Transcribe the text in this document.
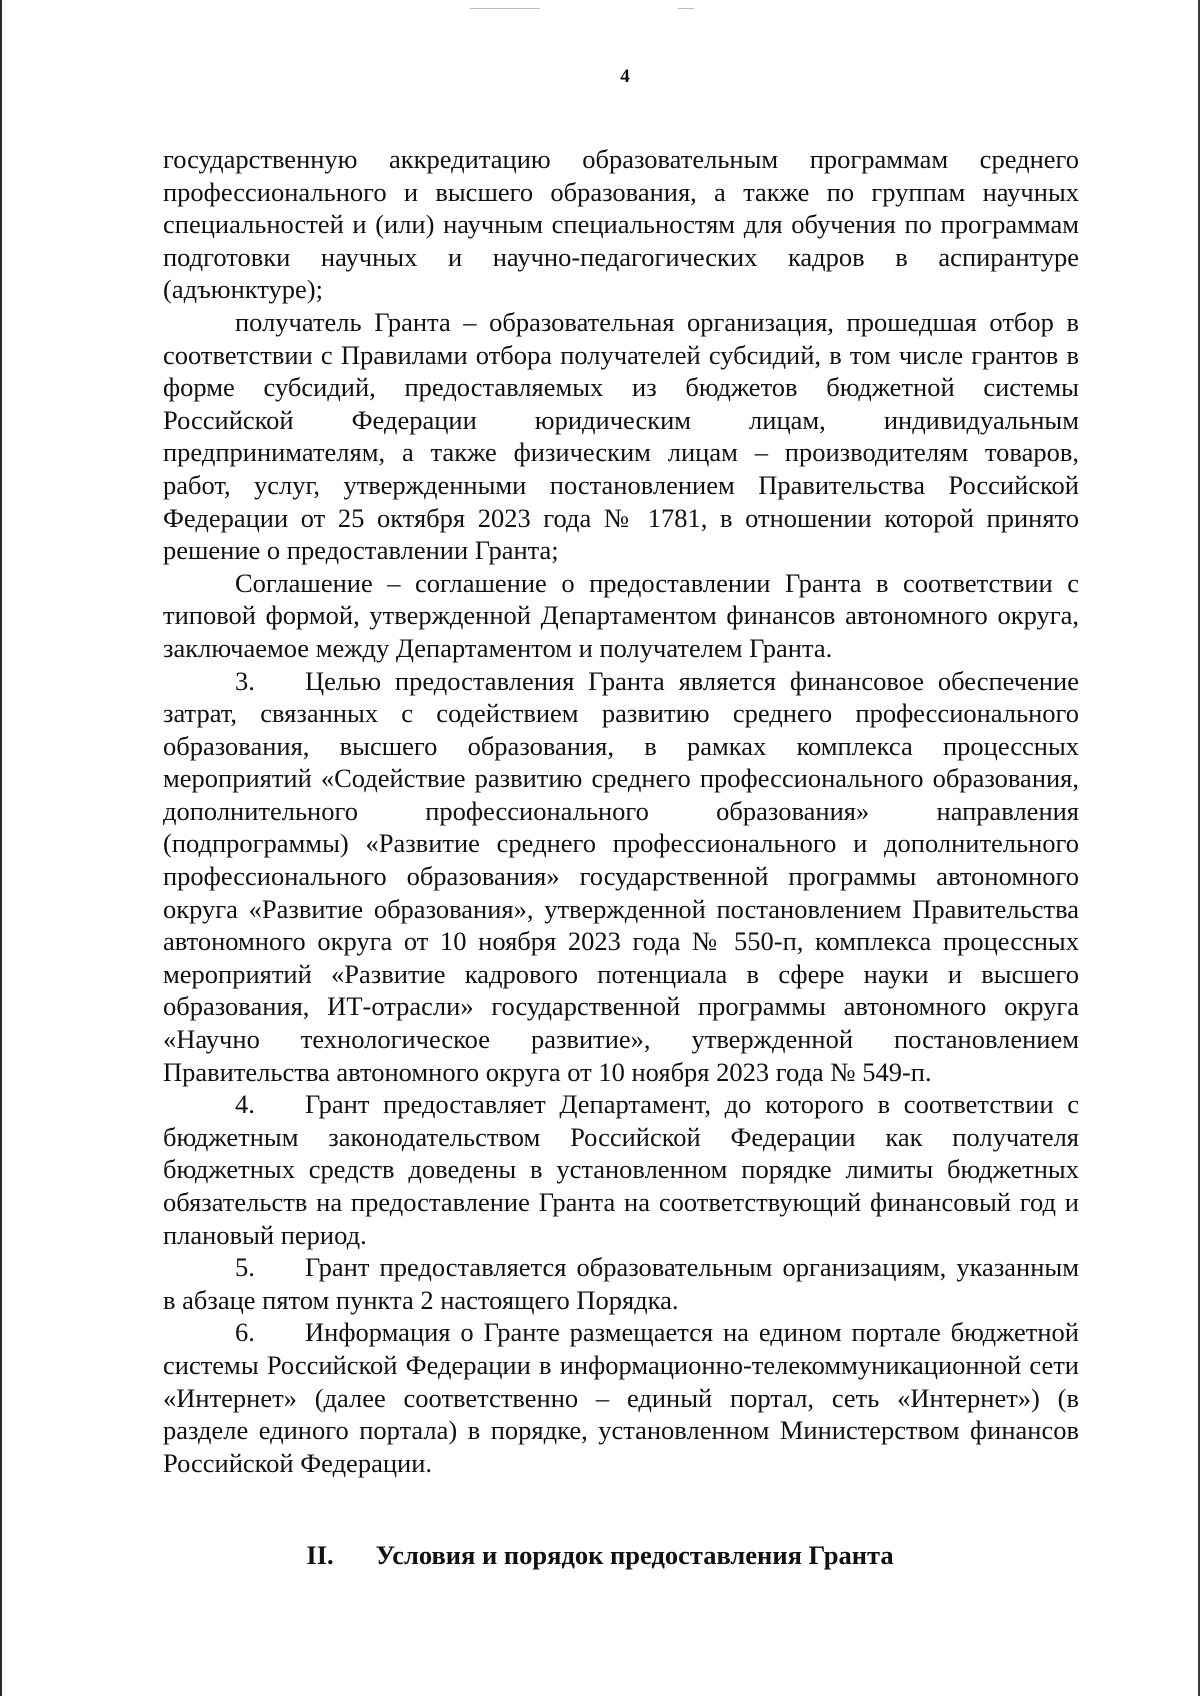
4

государственную аккредитацию образовательным программам среднего профессионального и высшего образования, а также по группам научных специальностей и (или) научным специальностям для обучения по программам подготовки научных и научно-педагогических кадров в аспирантуре (адъюнктуре);

получатель Гранта – образовательная организация, прошедшая отбор в соответствии с Правилами отбора получателей субсидий, в том числе грантов в форме субсидий, предоставляемых из бюджетов бюджетной системы Российской Федерации юридическим лицам, индивидуальным предпринимателям, а также физическим лицам – производителям товаров, работ, услуг, утвержденными постановлением Правительства Российской Федерации от 25 октября 2023 года № 1781, в отношении которой принято решение о предоставлении Гранта;

Соглашение – соглашение о предоставлении Гранта в соответствии с типовой формой, утвержденной Департаментом финансов автономного округа, заключаемое между Департаментом и получателем Гранта.

3. Целью предоставления Гранта является финансовое обеспечение затрат, связанных с содействием развитию среднего профессионального образования, высшего образования, в рамках комплекса процессных мероприятий «Содействие развитию среднего профессионального образования, дополнительного профессионального образования» направления (подпрограммы) «Развитие среднего профессионального и дополнительного профессионального образования» государственной программы автономного округа «Развитие образования», утвержденной постановлением Правительства автономного округа от 10 ноября 2023 года № 550-п, комплекса процессных мероприятий «Развитие кадрового потенциала в сфере науки и высшего образования, ИТ-отрасли» государственной программы автономного округа «Научно технологическое развитие», утвержденной постановлением Правительства автономного округа от 10 ноября 2023 года № 549-п.

4. Грант предоставляет Департамент, до которого в соответствии с бюджетным законодательством Российской Федерации как получателя бюджетных средств доведены в установленном порядке лимиты бюджетных обязательств на предоставление Гранта на соответствующий финансовый год и плановый период.

5. Грант предоставляется образовательным организациям, указанным в абзаце пятом пункта 2 настоящего Порядка.

6. Информация о Гранте размещается на едином портале бюджетной системы Российской Федерации в информационно-телекоммуникационной сети «Интернет» (далее соответственно – единый портал, сеть «Интернет») (в разделе единого портала) в порядке, установленном Министерством финансов Российской Федерации.

II. Условия и порядок предоставления Гранта
